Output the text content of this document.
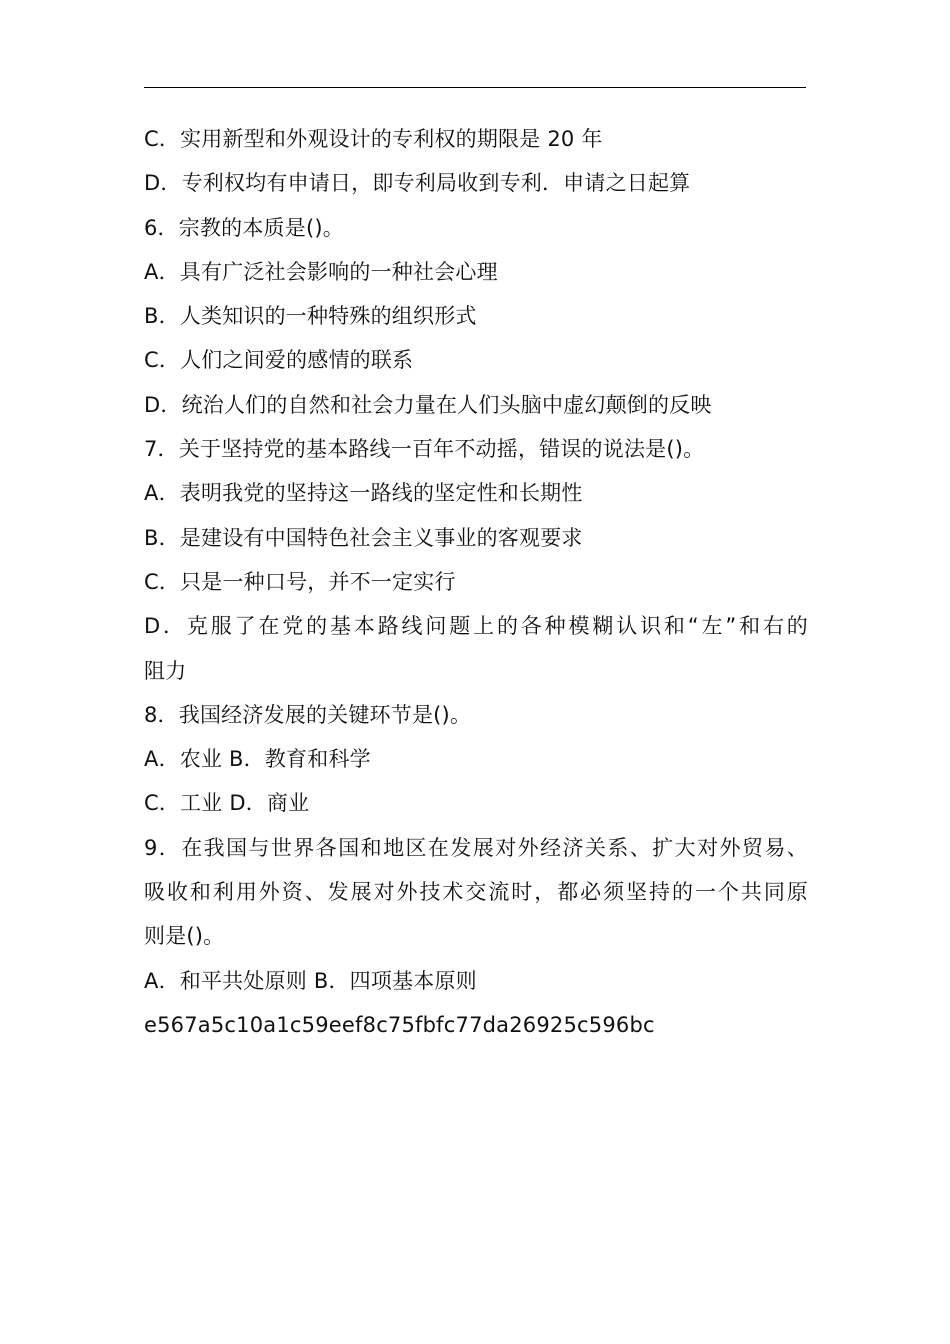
C．实用新型和外观设计的专利权的期限是 20 年
D．专利权均有申请日，即专利局收到专利．申请之日起算
6．宗教的本质是()。
A．具有广泛社会影响的一种社会心理
B．人类知识的一种特殊的组织形式
C．人们之间爱的感情的联系
D．统治人们的自然和社会力量在人们头脑中虚幻颠倒的反映
7．关于坚持党的基本路线一百年不动摇，错误的说法是()。
A．表明我党的坚持这一路线的坚定性和长期性
B．是建设有中国特色社会主义事业的客观要求
C．只是一种口号，并不一定实行
D．克服了在党的基本路线问题上的各种模糊认识和“左”和右的
阻力
8．我国经济发展的关键环节是()。
A．农业 B．教育和科学
C．工业 D．商业
9．在我国与世界各国和地区在发展对外经济关系、扩大对外贸易、
吸收和利用外资、发展对外技术交流时，都必须坚持的一个共同原
则是()。
A．和平共处原则 B．四项基本原则
e567a5c10a1c59eef8c75fbfc77da26925c596bc
